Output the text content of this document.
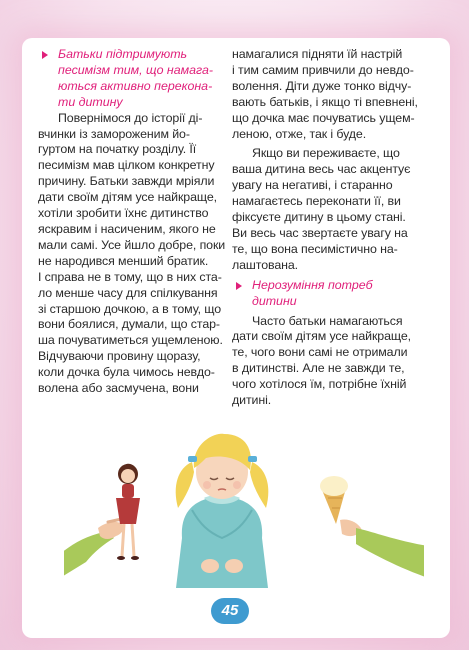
Батьки підтримують
песимізм тим, що намага-
ються активно переконa-
ти дитину

Повернімося до історії ді-
вчинки із замороженим йо-
гуртом на початку розділу. Її
песимізм мав цілком конкретну
причину. Батьки завжди мріяли
дати своїм дітям усе найкраще,
хотіли зробити їхнє дитинство
яскравим і насиченим, якого не
мали самі. Усе йшло добре, поки
не народився менший братик.

І справа не в тому, що в них ста-
ло менше часу для спілкування
зі старшою дочкою, а в тому, що
вони боялися, думали, що стар-
ша почуватиметься ущемленою.
Відчуваючи провину щоразу,
коли дочка була чимось невдо-
волена або засмучена, вони

намагалися підняти їй настрій
і тим самим привчили до невдо-
волення. Діти дуже тонко відчу-
вають батьків, і якщо ті впевнені,
що дочка має почуватись ущем-
леною, отже, так і буде.

Якщо ви переживаєте, що
ваша дитина весь час акцентує
увагу на негативі, і старанно
намагаєтесь переконати її, ви
фіксуєте дитину в цьому стані.
Ви весь час звертаєте увагу на
те, що вона песимістично на-
лаштована.

Нерозуміння потреб
дитини

Часто батьки намагаються
дати своїм дітям усе найкраще,
те, чого вони самі не отримали
в дитинстві. Але не завжди те,
чого хотілося їм, потрібне їхній
дитині.

45
